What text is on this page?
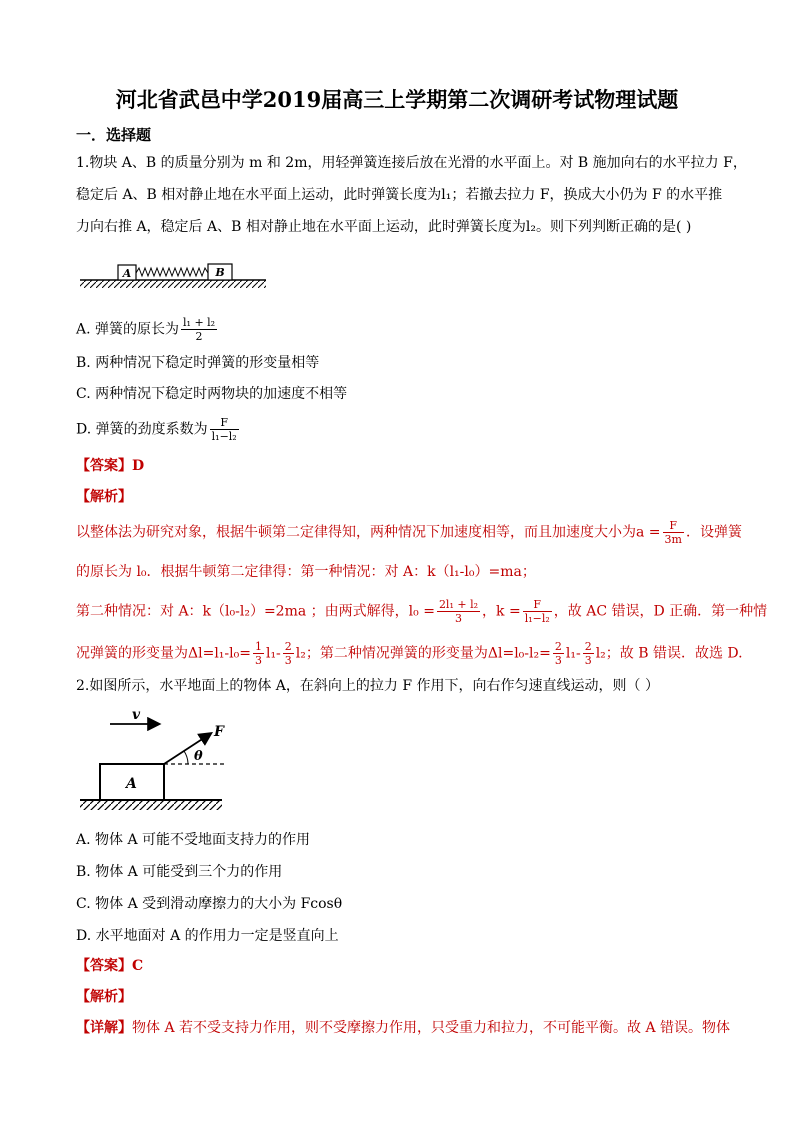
河北省武邑中学2019届高三上学期第二次调研考试物理试题
一．选择题
1.物块 A、B 的质量分别为 m 和 2m，用轻弹簧连接后放在光滑的水平面上。对 B 施加向右的水平拉力 F，
稳定后 A、B 相对静止地在水平面上运动，此时弹簧长度为l₁；若撤去拉力 F，换成大小仍为 F 的水平推
力向右推 A，稳定后 A、B 相对静止地在水平面上运动，此时弹簧长度为l₂。则下列判断正确的是( )
A	B
A. 弹簧的原长为 $\frac{\text{l₁ + l₂}}{2}$
B. 两种情况下稳定时弹簧的形变量相等
C. 两种情况下稳定时两物块的加速度不相等
D. 弹簧的劲度系数为 $\frac{F}{\text{l₁−l₂}}$
【答案】D
【解析】
以整体法为研究对象，根据牛顿第二定律得知，两种情况下加速度相等，而且加速度大小为$a = \frac{F}{3m}$ ．设弹簧
的原长为 l₀．根据牛顿第二定律得：第一种情况：对 A：k（l₁-l₀）=ma；
第二种情况：对 A：k（l₀-l₂）=2ma ；由两式解得，$l_0 = \frac{\text{2l₁ + l₂}}{3}$ ，$k = \frac{F}{\text{l₁−l₂}}$ ，故 AC 错误，D 正确．第一种情
况弹簧的形变量为$\Delta l=l_1-l_0= \frac{1}{3} l_1- \frac{2}{3} l_2$；第二种情况弹簧的形变量为$\Delta l=l_0-l_2= \frac{2}{3} l_1- \frac{2}{3} l_2$；故 B 错误．故选 D.
2.如图所示，水平地面上的物体 A，在斜向上的拉力 F 作用下，向右作匀速直线运动，则（ ）
v
A
F
θ
A. 物体 A 可能不受地面支持力的作用
B. 物体 A 可能受到三个力的作用
C. 物体 A 受到滑动摩擦力的大小为 Fcosθ
D. 水平地面对 A 的作用力一定是竖直向上
【答案】C
【解析】
【详解】物体 A 若不受支持力作用，则不受摩擦力作用，只受重力和拉力，不可能平衡。故 A 错误。物体
